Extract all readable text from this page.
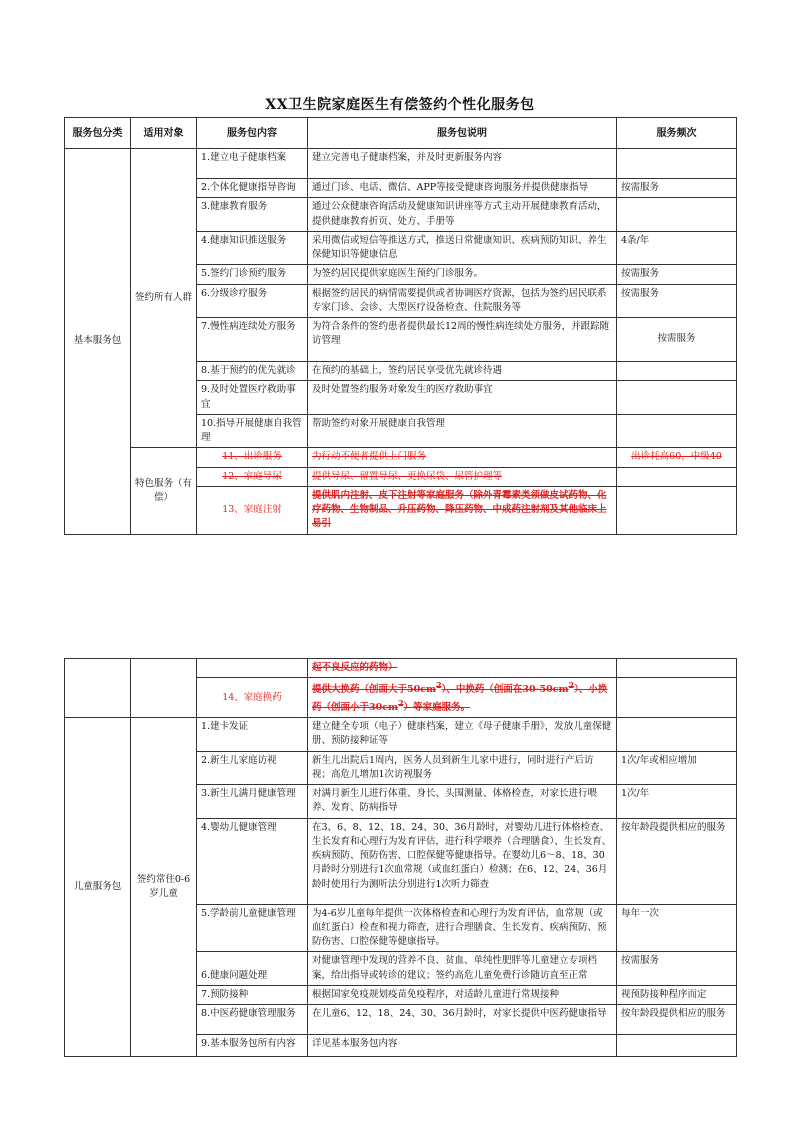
XX卫生院家庭医生有偿签约个性化服务包
服务包分类	适用对象	服务包内容	服务包说明	服务频次
基本服务包	签约所有人群	1.建立电子健康档案	建立完善电子健康档案，并及时更新服务内容	
		2.个体化健康指导咨询	通过门诊、电话、微信、APP等接受健康咨询服务并提供健康指导	按需服务
		3.健康教育服务	通过公众健康咨询活动及健康知识讲座等方式主动开展健康教育活动，提供健康教育折页、处方、手册等	
		4.健康知识推送服务	采用微信或短信等推送方式，推送日常健康知识、疾病预防知识、养生保健知识等健康信息	4条/年
		5.签约门诊预约服务	为签约居民提供家庭医生预约门诊服务。	按需服务
		6.分级诊疗服务	根据签约居民的病情需要提供或者协调医疗资源，包括为签约居民联系专家门诊、会诊、大型医疗设备检查、住院服务等	按需服务
		7.慢性病连续处方服务	为符合条件的签约患者提供最长12周的慢性病连续处方服务，并跟踪随访管理	按需服务
		8.基于预约的优先就诊	在预约的基础上，签约居民享受优先就诊待遇	
		9.及时处置医疗救助事宜	及时处置签约服务对象发生的医疗救助事宜	
		10.指导开展健康自我管理	帮助签约对象开展健康自我管理	
	特色服务（有偿）	11、出诊服务	为行动不便者提供上门服务	出诊耗高60，中级40
		12、家庭导尿	提供导尿、留置导尿、更换尿袋、尿管护理等	
		13、家庭注射	提供肌内注射、皮下注射等家庭服务（除外青霉素类须做皮试药物、化疗药物、生物制品、升压药物、降压药物、中成药注射剂及其他临床上易引	
			起不良反应的药物）	
		14、家庭换药	提供大换药（创面大于$50cm^2$）、中换药（创面在$30-50cm^2$）、小换药（创面小于$30cm^2$）等家庭服务。	
儿童服务包	签约常住0-6岁儿童	1.建卡发证	建立健全专项（电子）健康档案，建立《母子健康手册》，发放儿童保健册、预防接种证等	
		2.新生儿家庭访视	新生儿出院后1周内，医务人员到新生儿家中进行，同时进行产后访视；高危儿增加1次访视服务	1次/年或相应增加
		3.新生儿满月健康管理	对满月新生儿进行体重、身长、头围测量、体格检查，对家长进行喂养、发育、防病指导	1次/年
		4.婴幼儿健康管理	在3、6、8、12、18、24、30、36月龄时，对婴幼儿进行体格检查、生长发育和心理行为发育评估，进行科学喂养（合理膳食）、生长发育、疾病预防、预防伤害、口腔保健等健康指导。在婴幼儿6～8、18、30月龄时分别进行1次血常规（或血红蛋白）检测；在6、12、24、36月龄时使用行为测听法分别进行1次听力筛查	按年龄段提供相应的服务
		5.学龄前儿童健康管理	为4-6岁儿童每年提供一次体格检查和心理行为发育评估，血常规（或血红蛋白）检查和视力筛查，进行合理膳食、生长发育、疾病预防、预防伤害、口腔保健等健康指导。	每年一次
		6.健康问题处理	对健康管理中发现的营养不良、贫血、单纯性肥胖等儿童建立专项档案，给出指导或转诊的建议；签约高危儿童免费行诊随访直至正常	按需服务
		7.预防接种	根据国家免疫规划疫苗免疫程序，对适龄儿童进行常规接种	视预防接种程序而定
		8.中医药健康管理服务	在儿童6、12、18、24、30、36月龄时，对家长提供中医药健康指导	按年龄段提供相应的服务
		9.基本服务包所有内容	详见基本服务包内容	
